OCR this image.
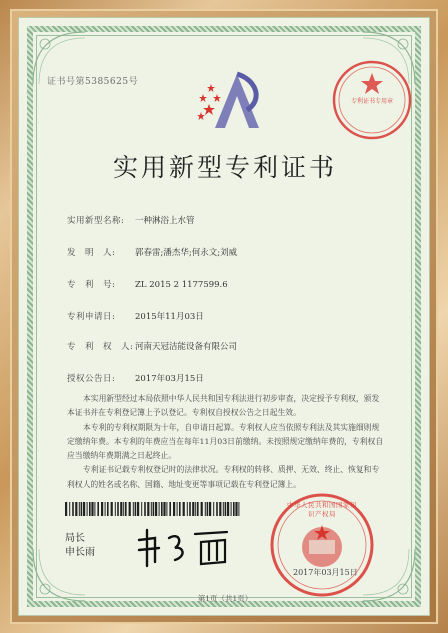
证书号第5385625号
专利证书专用章
实用新型专利证书
实用新型名称: 一种淋浴上水管
发　明　人: 郭春雷;潘杰华;何永文;刘威
专　利　号: ZL 2015 2 1177599.6
专利申请日: 2015年11月03日
专　利　权　人: 河南天冠洁能设备有限公司
授权公告日: 2017年03月15日

本实用新型经过本局依照中华人民共和国专利法进行初步审查，决定授予专利权，颁发本证书并在专利登记簿上予以登记。专利权自授权公告之日起生效。

本专利的专利权期限为十年，自申请日起算。专利权人应当依照专利法及其实施细则规定缴纳年费。本专利的年费应当在每年11月03日前缴纳。未按照规定缴纳年费的，专利权自应当缴纳年费期满之日起终止。

专利证书记载专利权登记时的法律状况。专利权的转移、质押、无效、终止、恢复和专利权人的姓名或名称、国籍、地址变更等事项记载在专利登记簿上。

局长
申长雨
中华人民共和国国家知识产权局
2017年03月15日
第1页（共1页）
